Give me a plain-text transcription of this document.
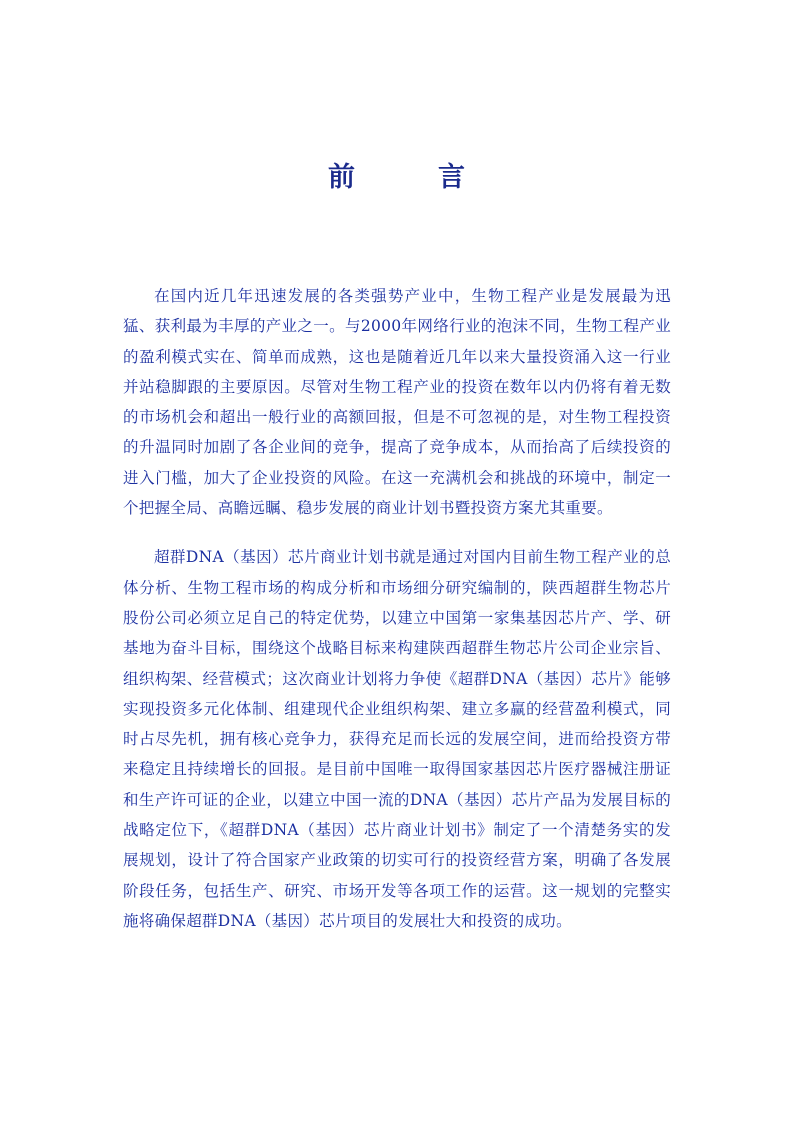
前	言

在国内近几年迅速发展的各类强势产业中，生物工程产业是发展最为迅猛、获利最为丰厚的产业之一。与2000年网络行业的泡沫不同，生物工程产业的盈利模式实在、简单而成熟，这也是随着近几年以来大量投资涌入这一行业并站稳脚跟的主要原因。尽管对生物工程产业的投资在数年以内仍将有着无数的市场机会和超出一般行业的高额回报，但是不可忽视的是，对生物工程投资的升温同时加剧了各企业间的竞争，提高了竞争成本，从而抬高了后续投资的进入门槛，加大了企业投资的风险。在这一充满机会和挑战的环境中，制定一个把握全局、高瞻远瞩、稳步发展的商业计划书暨投资方案尤其重要。

超群DNA（基因）芯片商业计划书就是通过对国内目前生物工程产业的总体分析、生物工程市场的构成分析和市场细分研究编制的，陕西超群生物芯片股份公司必须立足自己的特定优势，以建立中国第一家集基因芯片产、学、研基地为奋斗目标，围绕这个战略目标来构建陕西超群生物芯片公司企业宗旨、组织构架、经营模式；这次商业计划将力争使《超群DNA（基因）芯片》能够实现投资多元化体制、组建现代企业组织构架、建立多赢的经营盈利模式，同时占尽先机，拥有核心竞争力，获得充足而长远的发展空间，进而给投资方带来稳定且持续增长的回报。是目前中国唯一取得国家基因芯片医疗器械注册证和生产许可证的企业，以建立中国一流的DNA（基因）芯片产品为发展目标的战略定位下，《超群DNA（基因）芯片商业计划书》制定了一个清楚务实的发展规划，设计了符合国家产业政策的切实可行的投资经营方案，明确了各发展阶段任务，包括生产、研究、市场开发等各项工作的运营。这一规划的完整实施将确保超群DNA（基因）芯片项目的发展壮大和投资的成功。
